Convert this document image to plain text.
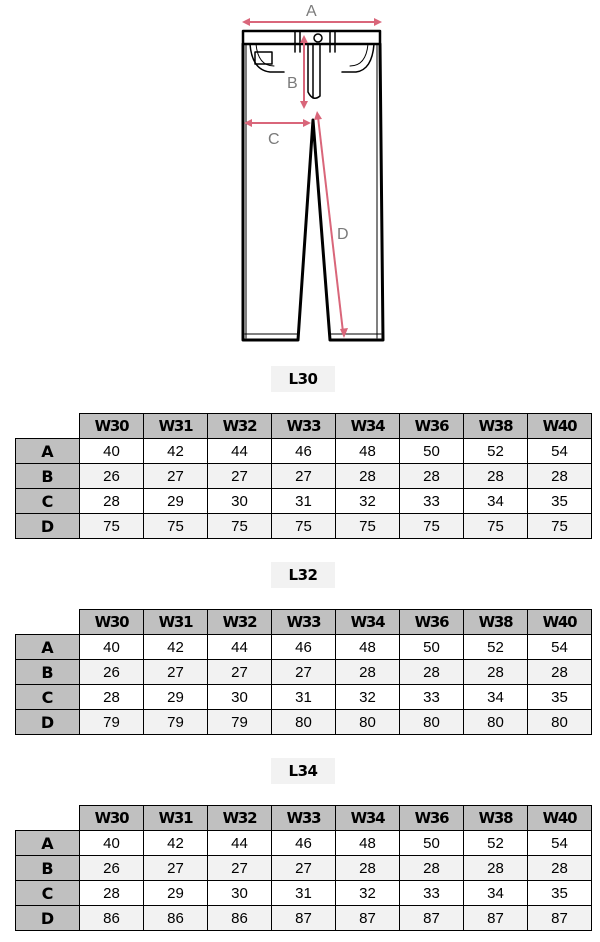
A
B
C
D
L30
	W30	W31	W32	W33	W34	W36	W38	W40
A	40	42	44	46	48	50	52	54
B	26	27	27	27	28	28	28	28
C	28	29	30	31	32	33	34	35
D	75	75	75	75	75	75	75	75
L32
	W30	W31	W32	W33	W34	W36	W38	W40
A	40	42	44	46	48	50	52	54
B	26	27	27	27	28	28	28	28
C	28	29	30	31	32	33	34	35
D	79	79	79	80	80	80	80	80
L34
	W30	W31	W32	W33	W34	W36	W38	W40
A	40	42	44	46	48	50	52	54
B	26	27	27	27	28	28	28	28
C	28	29	30	31	32	33	34	35
D	86	86	86	87	87	87	87	87
